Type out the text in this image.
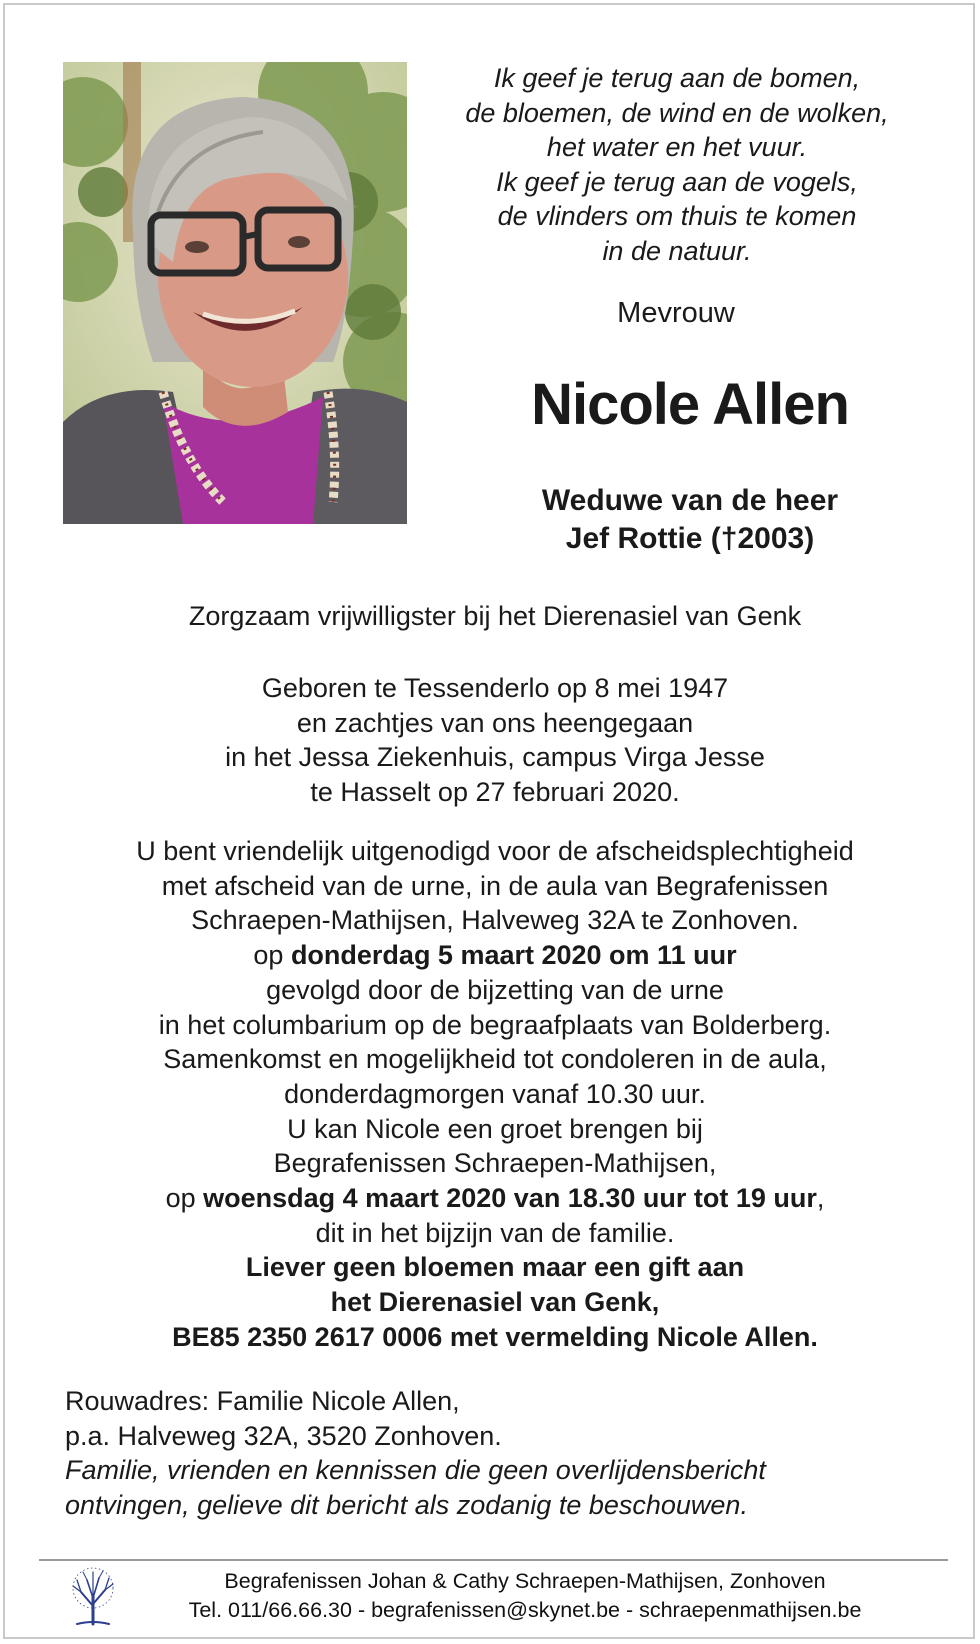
Ik geef je terug aan de bomen,
de bloemen, de wind en de wolken,
het water en het vuur.
Ik geef je terug aan de vogels,
de vlinders om thuis te komen
in de natuur.
Mevrouw
Nicole Allen
Weduwe van de heer
Jef Rottie (†2003)
Zorgzaam vrijwilligster bij het Dierenasiel van Genk
Geboren te Tessenderlo op 8 mei 1947
en zachtjes van ons heengegaan
in het Jessa Ziekenhuis, campus Virga Jesse
te Hasselt op 27 februari 2020.
U bent vriendelijk uitgenodigd voor de afscheidsplechtigheid
met afscheid van de urne, in de aula van Begrafenissen
Schraepen-Mathijsen, Halveweg 32A te Zonhoven.
op donderdag 5 maart 2020 om 11 uur
gevolgd door de bijzetting van de urne
in het columbarium op de begraafplaats van Bolderberg.
Samenkomst en mogelijkheid tot condoleren in de aula,
donderdagmorgen vanaf 10.30 uur.
U kan Nicole een groet brengen bij
Begrafenissen Schraepen-Mathijsen,
op woensdag 4 maart 2020 van 18.30 uur tot 19 uur,
dit in het bijzijn van de familie.
Liever geen bloemen maar een gift aan
het Dierenasiel van Genk,
BE85 2350 2617 0006 met vermelding Nicole Allen.
Rouwadres: Familie Nicole Allen,
p.a. Halveweg 32A, 3520 Zonhoven.
Familie, vrienden en kennissen die geen overlijdensbericht
ontvingen, gelieve dit bericht als zodanig te beschouwen.
Begrafenissen Johan & Cathy Schraepen-Mathijsen, Zonhoven
Tel. 011/66.66.30 - begrafenissen@skynet.be - schraepenmathijsen.be
